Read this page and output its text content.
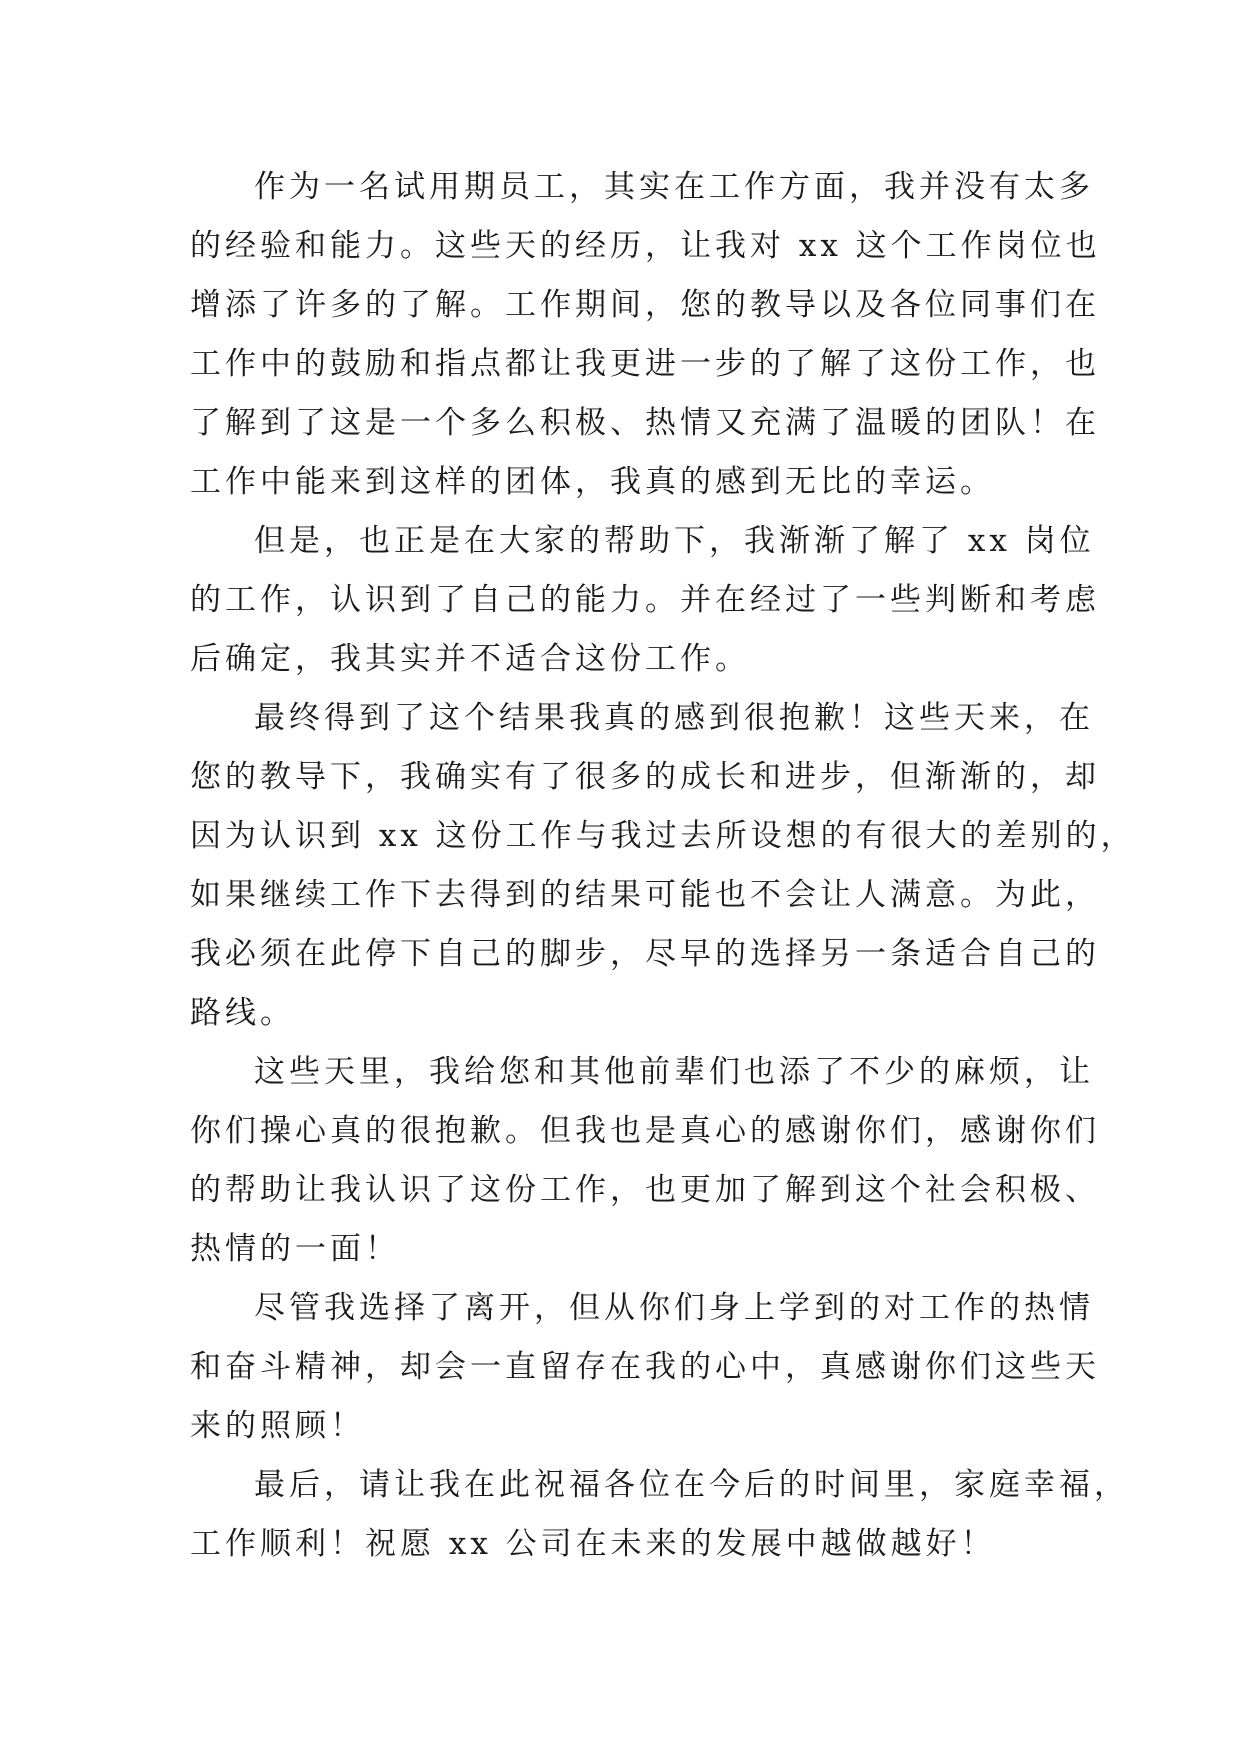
作为一名试用期员工，其实在工作方面，我并没有太多
的经验和能力。这些天的经历，让我对 xx 这个工作岗位也
增添了许多的了解。工作期间，您的教导以及各位同事们在
工作中的鼓励和指点都让我更进一步的了解了这份工作，也
了解到了这是一个多么积极、热情又充满了温暖的团队！在
工作中能来到这样的团体，我真的感到无比的幸运。
但是，也正是在大家的帮助下，我渐渐了解了 xx 岗位
的工作，认识到了自己的能力。并在经过了一些判断和考虑
后确定，我其实并不适合这份工作。
最终得到了这个结果我真的感到很抱歉！这些天来，在
您的教导下，我确实有了很多的成长和进步，但渐渐的，却
因为认识到 xx 这份工作与我过去所设想的有很大的差别的，
如果继续工作下去得到的结果可能也不会让人满意。为此，
我必须在此停下自己的脚步，尽早的选择另一条适合自己的
路线。
这些天里，我给您和其他前辈们也添了不少的麻烦，让
你们操心真的很抱歉。但我也是真心的感谢你们，感谢你们
的帮助让我认识了这份工作，也更加了解到这个社会积极、
热情的一面！
尽管我选择了离开，但从你们身上学到的对工作的热情
和奋斗精神，却会一直留存在我的心中，真感谢你们这些天
来的照顾！
最后，请让我在此祝福各位在今后的时间里，家庭幸福，
工作顺利！祝愿 xx 公司在未来的发展中越做越好！
